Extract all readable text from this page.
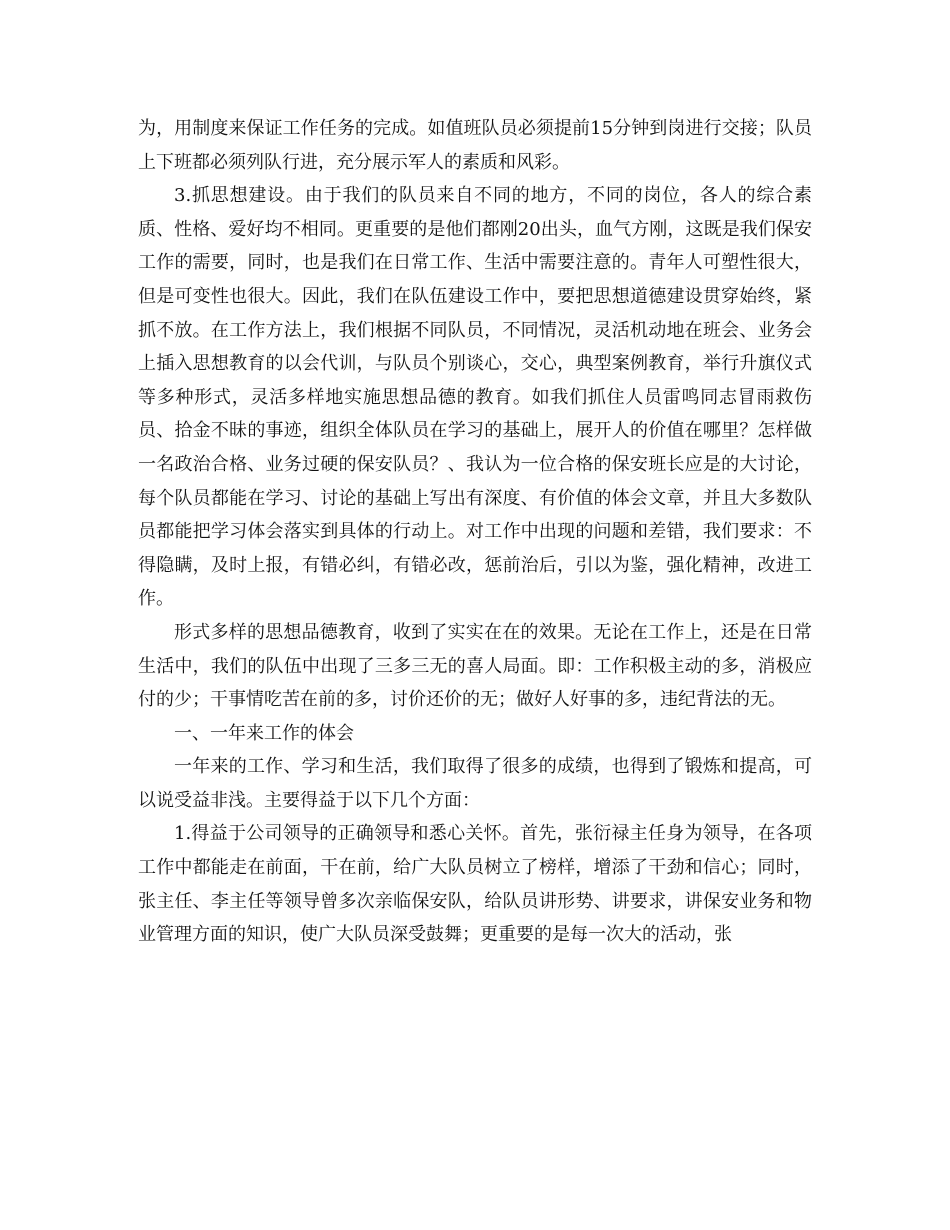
为，用制度来保证工作任务的完成。如值班队员必须提前15分钟到岗进行交接；队员上下班都必须列队行进，充分展示军人的素质和风彩。

3.抓思想建设。由于我们的队员来自不同的地方，不同的岗位，各人的综合素质、性格、爱好均不相同。更重要的是他们都刚20出头，血气方刚，这既是我们保安工作的需要，同时，也是我们在日常工作、生活中需要注意的。青年人可塑性很大，但是可变性也很大。因此，我们在队伍建设工作中，要把思想道德建设贯穿始终，紧抓不放。在工作方法上，我们根据不同队员，不同情况，灵活机动地在班会、业务会上插入思想教育的以会代训，与队员个别谈心，交心，典型案例教育，举行升旗仪式等多种形式，灵活多样地实施思想品德的教育。如我们抓住人员雷鸣同志冒雨救伤员、拾金不昧的事迹，组织全体队员在学习的基础上，展开人的价值在哪里？怎样做一名政治合格、业务过硬的保安队员？、我认为一位合格的保安班长应是的大讨论，每个队员都能在学习、讨论的基础上写出有深度、有价值的体会文章，并且大多数队员都能把学习体会落实到具体的行动上。对工作中出现的问题和差错，我们要求：不得隐瞒，及时上报，有错必纠，有错必改，惩前治后，引以为鉴，强化精神，改进工作。

形式多样的思想品德教育，收到了实实在在的效果。无论在工作上，还是在日常生活中，我们的队伍中出现了三多三无的喜人局面。即：工作积极主动的多，消极应付的少；干事情吃苦在前的多，讨价还价的无；做好人好事的多，违纪背法的无。

一、一年来工作的体会

一年来的工作、学习和生活，我们取得了很多的成绩，也得到了锻炼和提高，可以说受益非浅。主要得益于以下几个方面：

1.得益于公司领导的正确领导和悉心关怀。首先，张衍禄主任身为领导，在各项工作中都能走在前面，干在前，给广大队员树立了榜样，增添了干劲和信心；同时，张主任、李主任等领导曾多次亲临保安队，给队员讲形势、讲要求，讲保安业务和物业管理方面的知识，使广大队员深受鼓舞；更重要的是每一次大的活动，张
